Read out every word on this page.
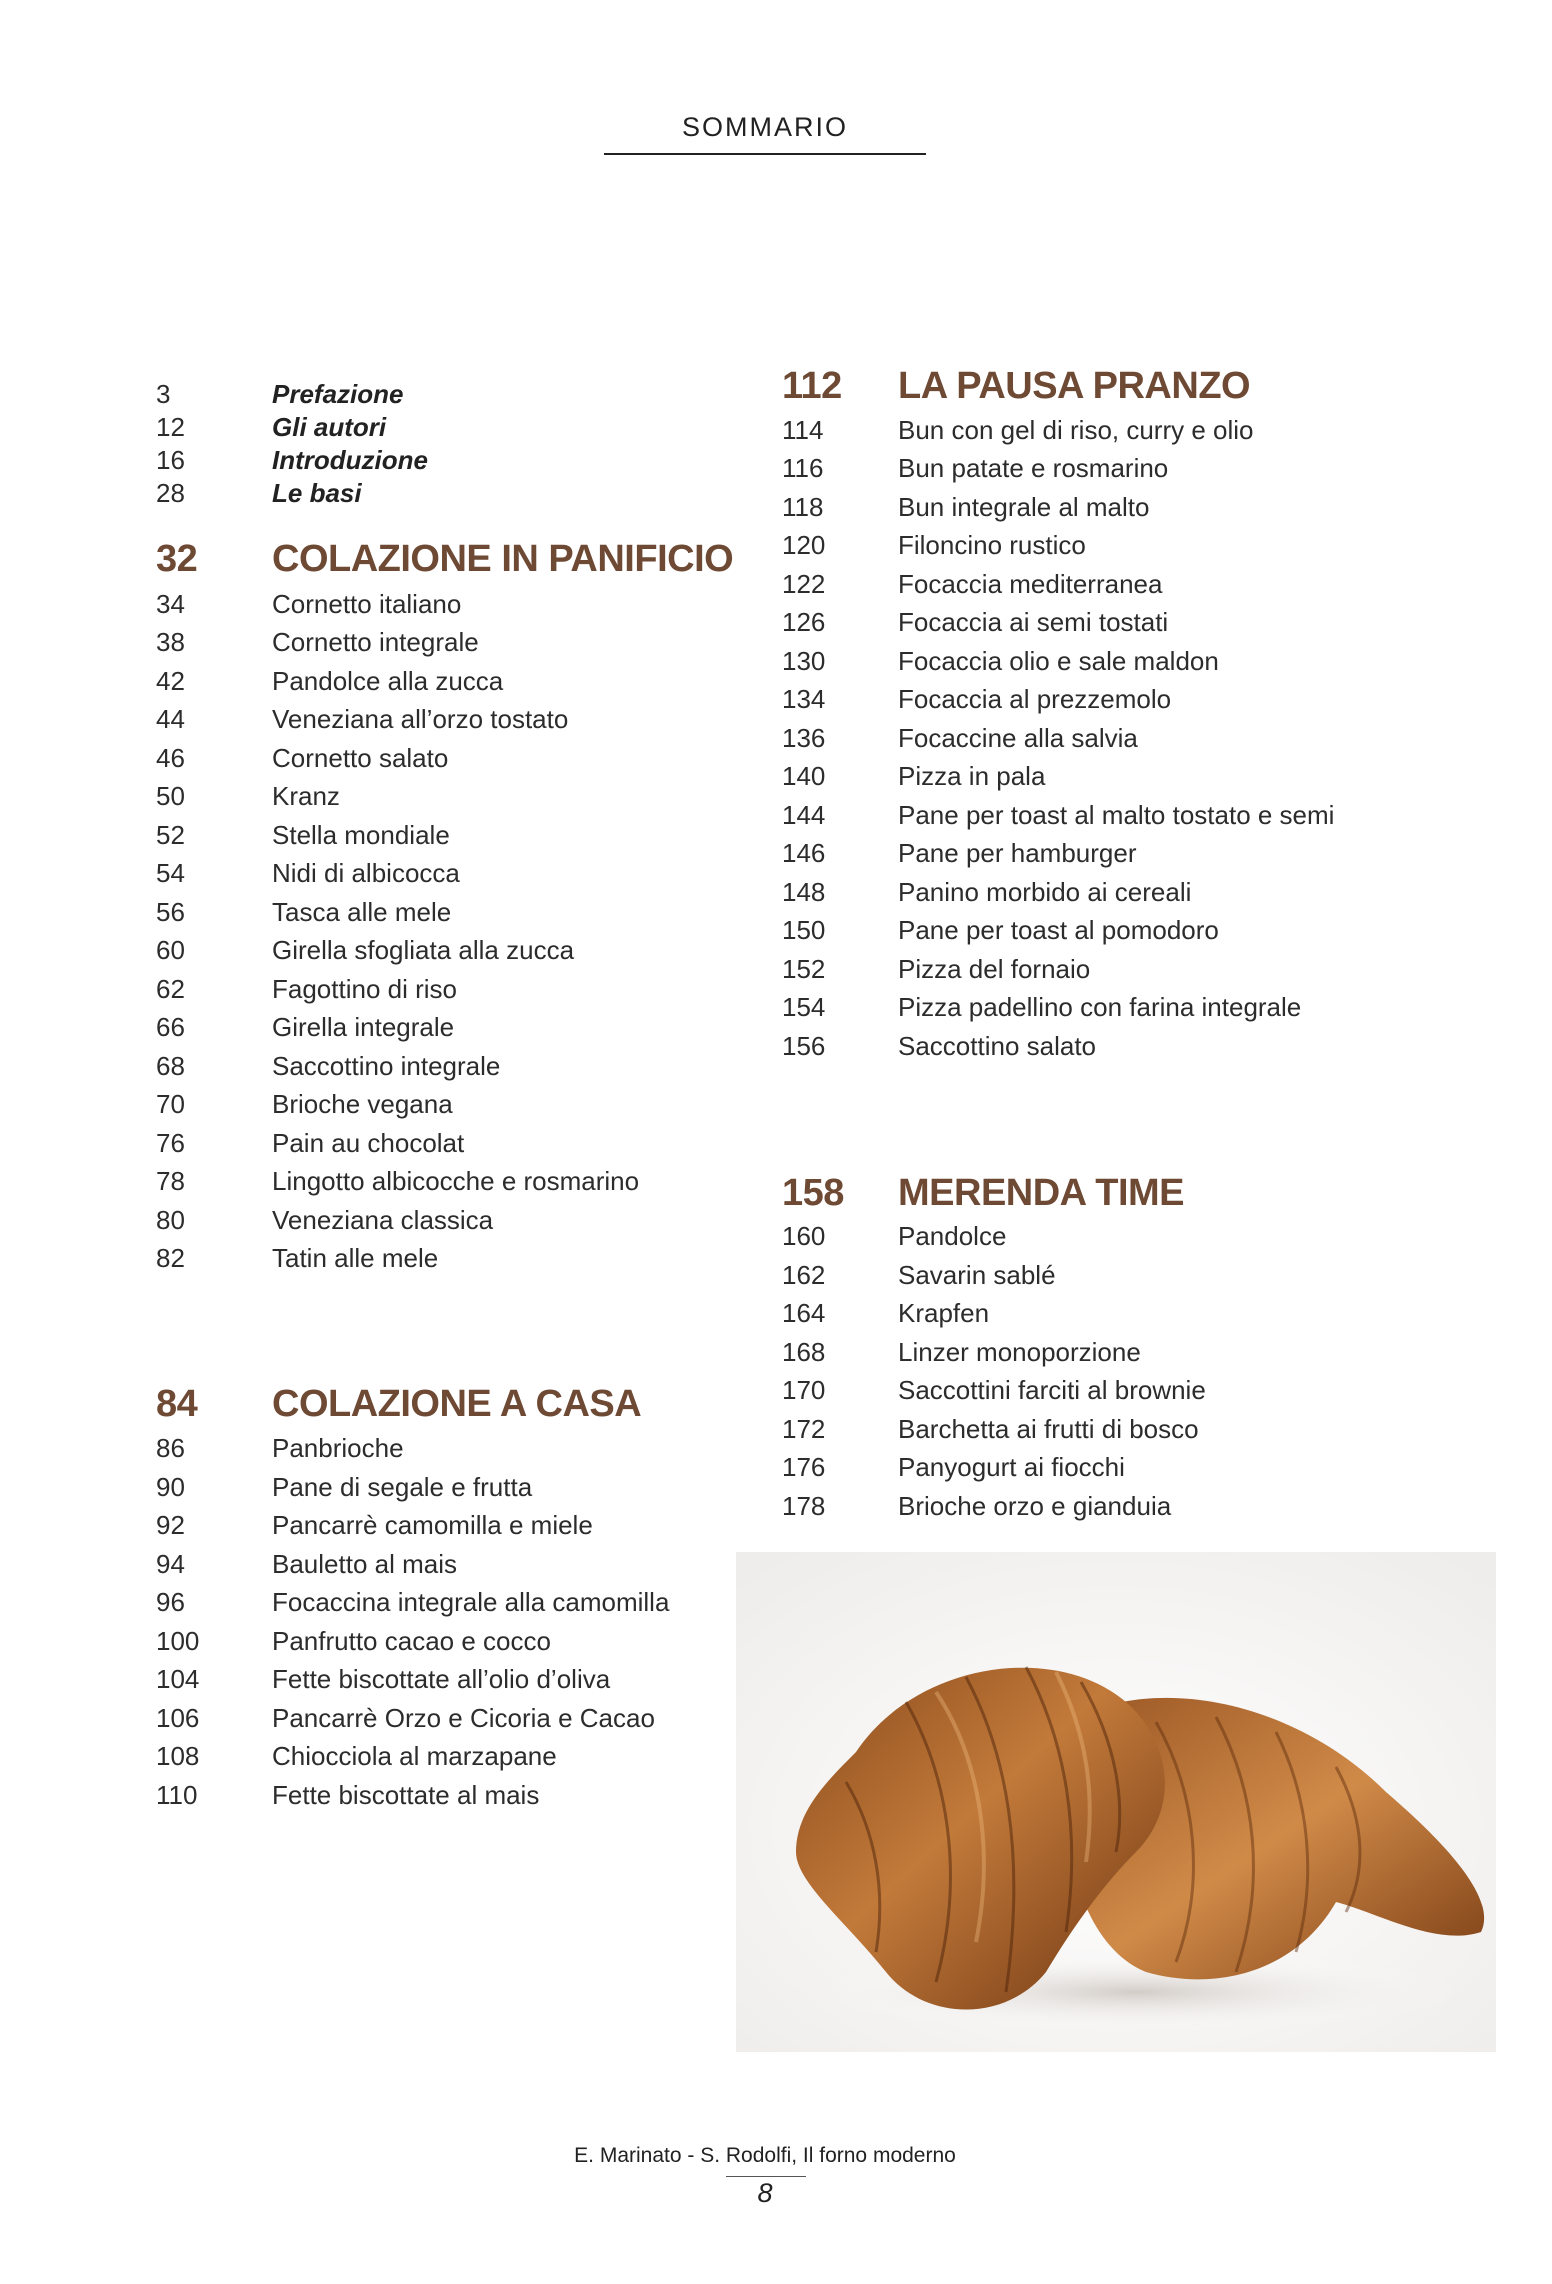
SOMMARIO
3	Prefazione
12	Gli autori
16	Introduzione
28	Le basi
32 COLAZIONE IN PANIFICIO
34	Cornetto italiano
38	Cornetto integrale
42	Pandolce alla zucca
44	Veneziana all’orzo tostato
46	Cornetto salato
50	Kranz
52	Stella mondiale
54	Nidi di albicocca
56	Tasca alle mele
60	Girella sfogliata alla zucca
62	Fagottino di riso
66	Girella integrale
68	Saccottino integrale
70	Brioche vegana
76	Pain au chocolat
78	Lingotto albicocche e rosmarino
80	Veneziana classica
82	Tatin alle mele
84 COLAZIONE A CASA
86	Panbrioche
90	Pane di segale e frutta
92	Pancarrè camomilla e miele
94	Bauletto al mais
96	Focaccina integrale alla camomilla
100	Panfrutto cacao e cocco
104	Fette biscottate all’olio d’oliva
106	Pancarrè Orzo e Cicoria e Cacao
108	Chiocciola al marzapane
110	Fette biscottate al mais
112 LA PAUSA PRANZO
114	Bun con gel di riso, curry e olio
116	Bun patate e rosmarino
118	Bun integrale al malto
120	Filoncino rustico
122	Focaccia mediterranea
126	Focaccia ai semi tostati
130	Focaccia olio e sale maldon
134	Focaccia al prezzemolo
136	Focaccine alla salvia
140	Pizza in pala
144	Pane per toast al malto tostato e semi
146	Pane per hamburger
148	Panino morbido ai cereali
150	Pane per toast al pomodoro
152	Pizza del fornaio
154	Pizza padellino con farina integrale
156	Saccottino salato
158 MERENDA TIME
160	Pandolce
162	Savarin sablé
164	Krapfen
168	Linzer monoporzione
170	Saccottini farciti al brownie
172	Barchetta ai frutti di bosco
176	Panyogurt ai fiocchi
178	Brioche orzo e gianduia
E. Marinato - S. Rodolfi, Il forno moderno
8
